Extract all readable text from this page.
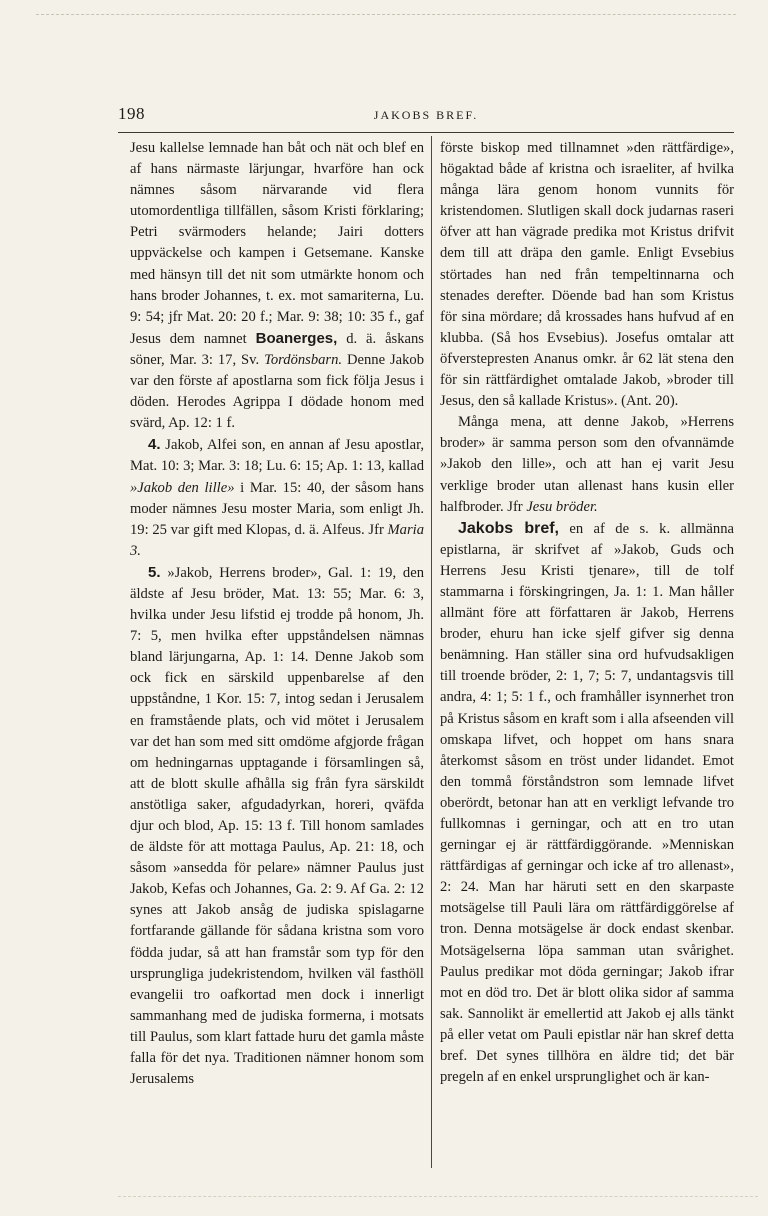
198	JAKOBS BREF.

Jesu kallelse lemnade han båt och nät och blef en af hans närmaste lärjungar, hvarföre han ock nämnes såsom närvarande vid flera utomordentliga tillfällen, såsom Kristi förklaring; Petri svärmoders helande; Jairi dotters uppväckelse och kampen i Getsemane. Kanske med hänsyn till det nit som utmärkte honom och hans broder Johannes, t. ex. mot samariterna, Lu. 9: 54; jfr Mat. 20: 20 f.; Mar. 9: 38; 10: 35 f., gaf Jesus dem namnet Boanerges, d. ä. åskans söner, Mar. 3: 17, Sv. Tordönsbarn. Denne Jakob var den förste af apostlarna som fick följa Jesus i döden. Herodes Agrippa I dödade honom med svärd, Ap. 12: 1 f.

4. Jakob, Alfei son, en annan af Jesu apostlar, Mat. 10: 3; Mar. 3: 18; Lu. 6: 15; Ap. 1: 13, kallad »Jakob den lille» i Mar. 15: 40, der såsom hans moder nämnes Jesu moster Maria, som enligt Jh. 19: 25 var gift med Klopas, d. ä. Alfeus. Jfr Maria 3.

5. »Jakob, Herrens broder», Gal. 1: 19, den äldste af Jesu bröder, Mat. 13: 55; Mar. 6: 3, hvilka under Jesu lifstid ej trodde på honom, Jh. 7: 5, men hvilka efter uppståndelsen nämnas bland lärjungarna, Ap. 1: 14. Denne Jakob som ock fick en särskild uppenbarelse af den uppståndne, 1 Kor. 15: 7, intog sedan i Jerusalem en framstående plats, och vid mötet i Jerusalem var det han som med sitt omdöme afgjorde frågan om hedningarnas upptagande i församlingen så, att de blott skulle afhålla sig från fyra särskildt anstötliga saker, afgudadyrkan, horeri, qväfda djur och blod, Ap. 15: 13 f. Till honom samlades de äldste för att mottaga Paulus, Ap. 21: 18, och såsom »ansedda för pelare» nämner Paulus just Jakob, Kefas och Johannes, Ga. 2: 9. Af Ga. 2: 12 synes att Jakob ansåg de judiska spislagarne fortfarande gällande för sådana kristna som voro födda judar, så att han framstår som typ för den ursprungliga judekristendom, hvilken väl fasthöll evangelii tro oafkortad men dock i innerligt sammanhang med de judiska formerna, i motsats till Paulus, som klart fattade huru det gamla måste falla för det nya. Traditionen nämner honom som Jerusalems

förste biskop med tillnamnet »den rättfärdige», högaktad både af kristna och israeliter, af hvilka många lära genom honom vunnits för kristendomen. Slutligen skall dock judarnas raseri öfver att han vägrade predika mot Kristus drifvit dem till att dräpa den gamle. Enligt Evsebius störtades han ned från tempeltinnarna och stenades derefter. Döende bad han som Kristus för sina mördare; då krossades hans hufvud af en klubba. (Så hos Evsebius). Josefus omtalar att öfverstepresten Ananus omkr. år 62 lät stena den för sin rättfärdighet omtalade Jakob, »broder till Jesus, den så kallade Kristus». (Ant. 20).

Många mena, att denne Jakob, »Herrens broder» är samma person som den ofvannämde »Jakob den lille», och att han ej varit Jesu verklige broder utan allenast hans kusin eller halfbroder. Jfr Jesu bröder.

Jakobs bref, en af de s. k. allmänna epistlarna, är skrifvet af »Jakob, Guds och Herrens Jesu Kristi tjenare», till de tolf stammarna i förskingringen, Ja. 1: 1. Man håller allmänt före att författaren är Jakob, Herrens broder, ehuru han icke sjelf gifver sig denna benämning. Han ställer sina ord hufvudsakligen till troende bröder, 2: 1, 7; 5: 7, undantagsvis till andra, 4: 1; 5: 1 f., och framhåller isynnerhet tron på Kristus såsom en kraft som i alla afseenden vill omskapa lifvet, och hoppet om hans snara återkomst såsom en tröst under lidandet. Emot den tommå förståndstron som lemnade lifvet oberördt, betonar han att en verkligt lefvande tro fullkomnas i gerningar, och att en tro utan gerningar ej är rättfärdiggörande. »Menniskan rättfärdigas af gerningar och icke af tro allenast», 2: 24. Man har häruti sett en den skarpaste motsägelse till Pauli lära om rättfärdiggörelse af tron. Denna motsägelse är dock endast skenbar. Motsägelserna löpa samman utan svårighet. Paulus predikar mot döda gerningar; Jakob ifrar mot en död tro. Det är blott olika sidor af samma sak. Sannolikt är emellertid att Jakob ej alls tänkt på eller vetat om Pauli epistlar när han skref detta bref. Det synes tillhöra en äldre tid; det bär pregeln af en enkel ursprunglighet och är kan-
